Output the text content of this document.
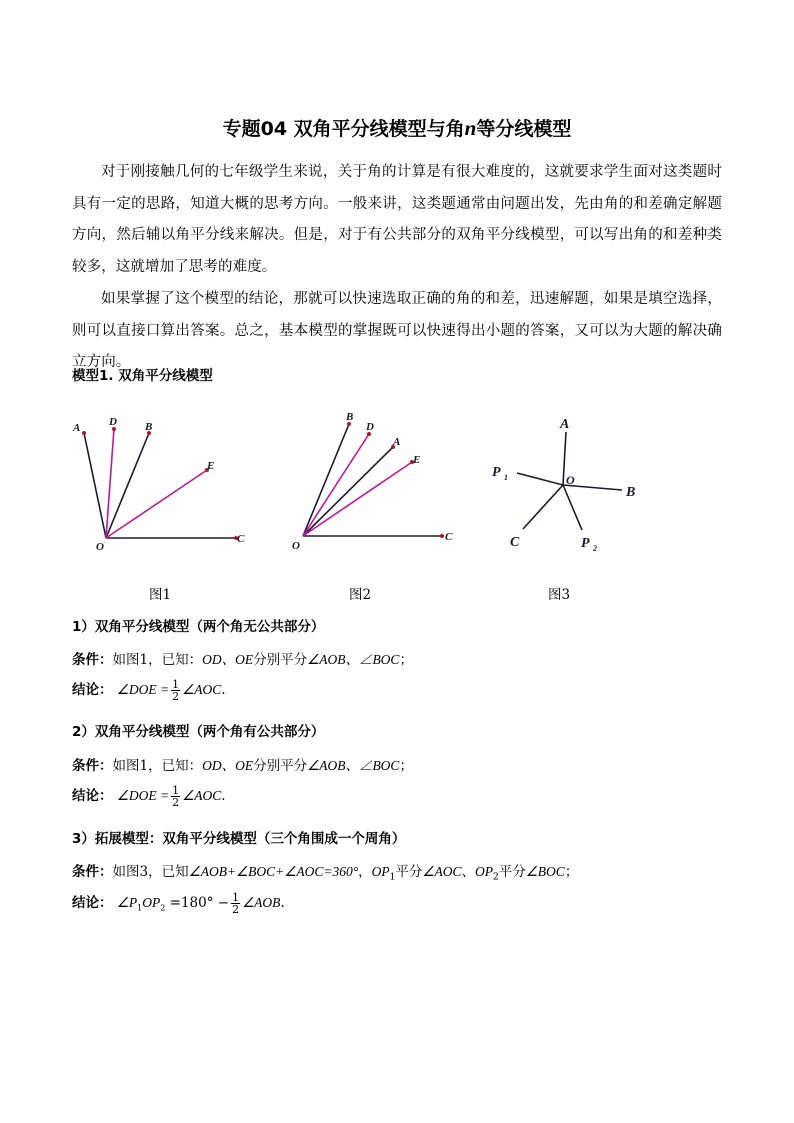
专题04 双角平分线模型与角n等分线模型
对于刚接触几何的七年级学生来说，关于角的计算是有很大难度的，这就要求学生面对这类题时具有一定的思路，知道大概的思考方向。一般来讲，这类题通常由问题出发，先由角的和差确定解题方向，然后辅以角平分线来解决。但是，对于有公共部分的双角平分线模型，可以写出角的和差种类较多，这就增加了思考的难度。
如果掌握了这个模型的结论，那就可以快速选取正确的角的和差，迅速解题，如果是填空选择，则可以直接口算出答案。总之，基本模型的掌握既可以快速得出小题的答案，又可以为大题的解决确立方向。
模型1. 双角平分线模型
A	D	B
E
O
C
B
D
A
E
O
C
A
P 1	O
B
C	P 2
图1	图2	图3
1）双角平分线模型（两个角无公共部分）
条件：如图1，已知：OD、OE分别平分∠AOB、∠BOC；
结论： ∠DOE = $\frac{1}{2}$ ∠AOC.
2）双角平分线模型（两个角有公共部分）
条件：如图1，已知：OD、OE分别平分∠AOB、∠BOC；
结论： ∠DOE = $\frac{1}{2}$ ∠AOC.
3）拓展模型：双角平分线模型（三个角围成一个周角）
条件：如图3，已知∠AOB+∠BOC+∠AOC=360°，$OP_1$平分∠AOC、$OP_2$平分∠BOC；
结论： $\angle P_1OP_2 =180^\circ - \frac{1}{2}$ ∠AOB.
